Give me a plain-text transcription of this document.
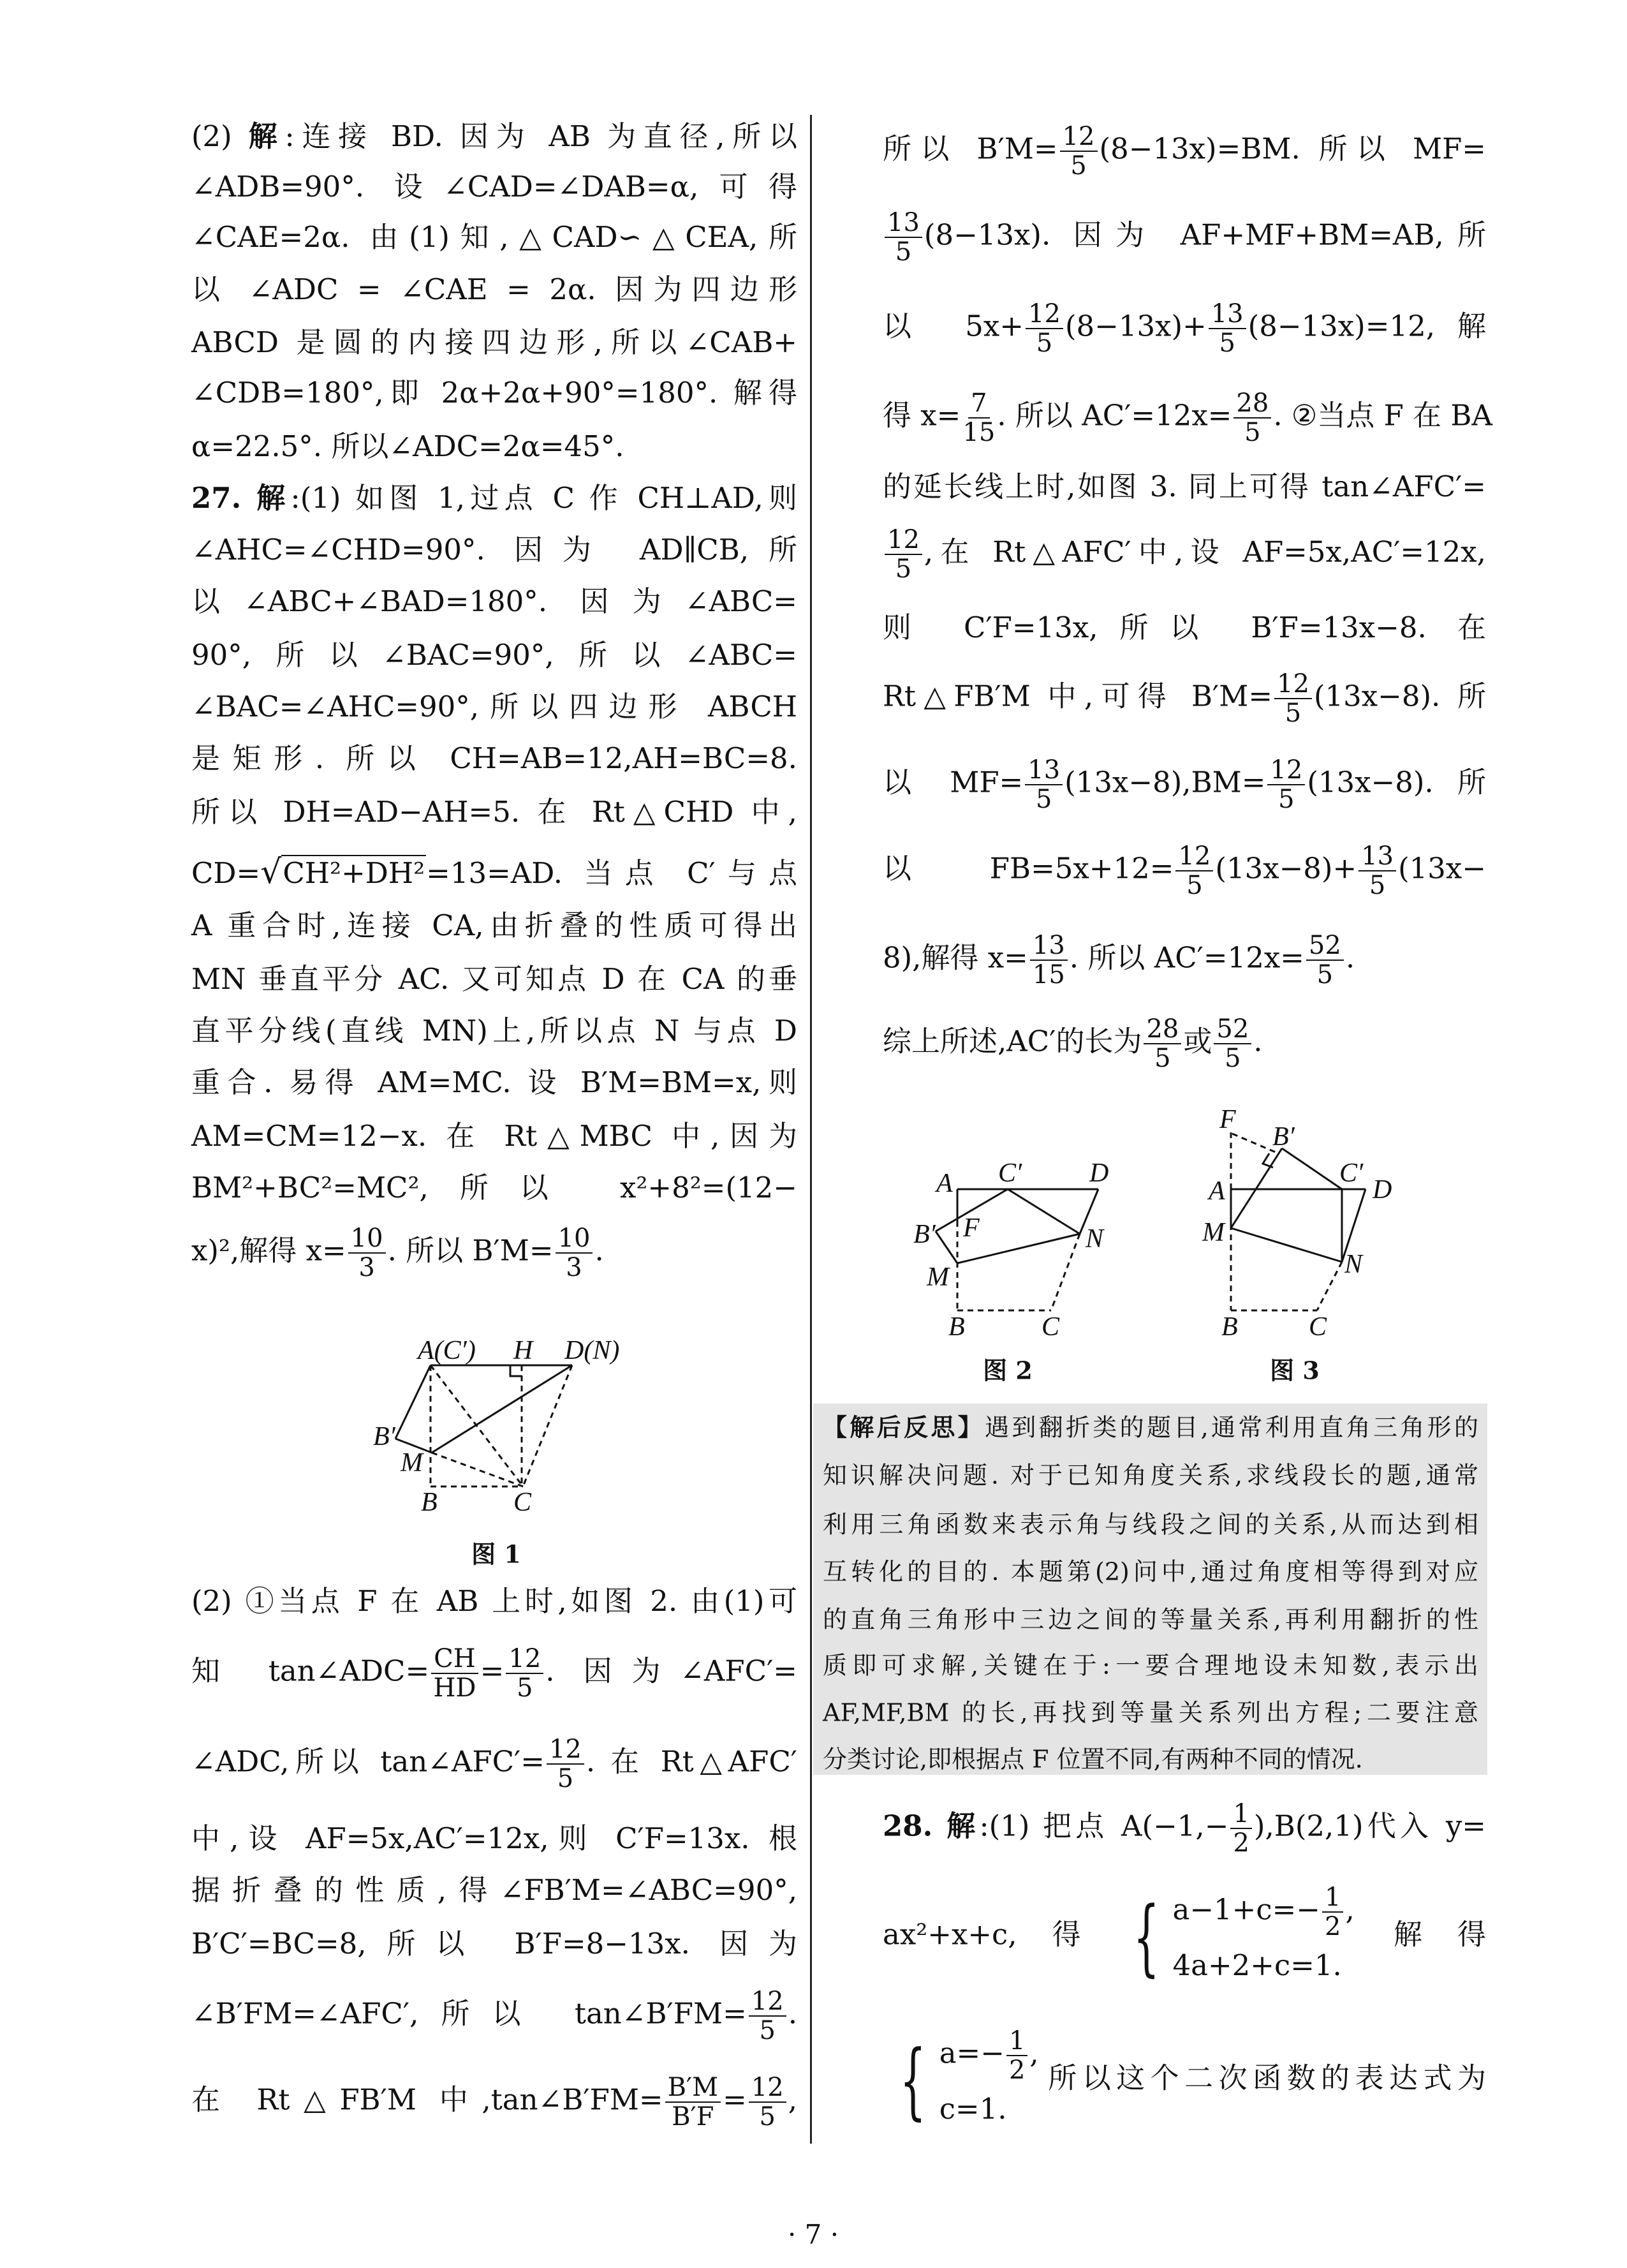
(2) 解:连接 BD. 因为 AB 为直径,所以
∠ADB=90°. 设∠CAD=∠DAB=α,可得
∠CAE=2α. 由(1)知,△CAD∽△CEA,所
以 ∠ADC = ∠CAE = 2α. 因为四边形
ABCD 是圆的内接四边形,所以∠CAB+
∠CDB=180°,即 2α+2α+90°=180°. 解得
α=22.5°. 所以∠ADC=2α=45°.
27. 解:(1) 如图 1,过点 C 作 CH⊥AD,则
∠AHC=∠CHD=90°. 因为 AD∥CB,所
以∠ABC+∠BAD=180°. 因为∠ABC=
90°,所以∠BAC=90°,所以∠ABC=
∠BAC=∠AHC=90°,所以四边形 ABCH
是矩形. 所以 CH=AB=12,AH=BC=8.
所以 DH=AD−AH=5. 在 Rt△CHD 中,
CD=√CH²+DH²=13=AD. 当点 C′与点
A 重合时,连接 CA,由折叠的性质可得出
MN 垂直平分 AC. 又可知点 D 在 CA 的垂
直平分线(直线 MN)上,所以点 N 与点 D
重合. 易得 AM=MC. 设 B′M=BM=x,则
AM=CM=12−x. 在 Rt△MBC 中,因为
BM²+BC²=MC²,所以 x²+8²=(12−
x)²,解得 $x= \frac{10}{3}$ . 所以 $B'M= \frac{10}{3}$ .
(2) ①当点 F 在 AB 上时,如图 2. 由(1)可
知 tan∠ADC= $\frac{CH}{HD} = \frac{12}{5}$ . 因为∠AFC′=
∠ADC,所以 tan∠AFC′= $\frac{12}{5}$ . 在 Rt△AFC′
中,设 AF=5x,AC′=12x,则 C′F=13x. 根
据折叠的性质,得∠FB′M=∠ABC=90°,
B′C′=BC=8,所以 B′F=8−13x. 因为
∠B′FM=∠AFC′,所以 tan∠B′FM= $\frac{12}{5}$ .
在 Rt△FB′M 中,tan∠B′FM= $\frac{B'M}{B'F} = \frac{12}{5}$ ,
所以 $B'M= \frac{12}{5} (8-13x)=BM$. 所以 MF=
$\frac{13}{5} (8-13x)$. 因为 AF+MF+BM=AB,所
以 $5x+ \frac{12}{5} (8-13x)+ \frac{13}{5} (8-13x)=12$,解
得 $x= \frac{7}{15}$ . 所以 $AC'=12x= \frac{28}{5}$ . ②当点 F 在 BA
的延长线上时,如图 3. 同上可得 tan∠AFC′=
$\frac{12}{5}$ ,在 Rt△AFC′中,设 AF=5x,AC′=12x,
则 C′F=13x,所以 B′F=13x−8. 在
Rt△FB′M 中,可得 $B'M= \frac{12}{5} (13x-8)$. 所
以 $MF= \frac{13}{5} (13x-8),BM= \frac{12}{5} (13x-8)$. 所
以 $FB=5x+12= \frac{12}{5} (13x-8)+ \frac{13}{5} (13x-$
8),解得 $x= \frac{13}{15}$ . 所以 $AC'=12x= \frac{52}{5}$ .
综上所述,AC′的长为 $\frac{28}{5}$ 或 $\frac{52}{5}$ .
28. 解:(1) 把点 $A(-1,- \frac{1}{2} ),B(2,1)$代入 y=
ax²+x+c,得 { $a-1+c=- \frac{1}{2}$ ,
4a+2+c=1.
解得
{ $a=- \frac{1}{2}$ ,
c=1.
所以这个二次函数的表达式为
【解后反思】遇到翻折类的题目,通常利用直角三角形的
知识解决问题. 对于已知角度关系,求线段长的题,通常
利用三角函数来表示角与线段之间的关系,从而达到相
互转化的目的. 本题第(2)问中,通过角度相等得到对应
的直角三角形中三边之间的等量关系,再利用翻折的性
质即可求解,关键在于:一要合理地设未知数,表示出
AF,MF,BM 的长,再找到等量关系列出方程;二要注意
分类讨论,即根据点 F 位置不同,有两种不同的情况.
A(C′) H D(N)
B′
M
B	C
图 1
A C′	D
F
B′
M
N
B	C
图 2
F
B′
A
C′
D
M
N
B	C
图 3
· 7 ·
